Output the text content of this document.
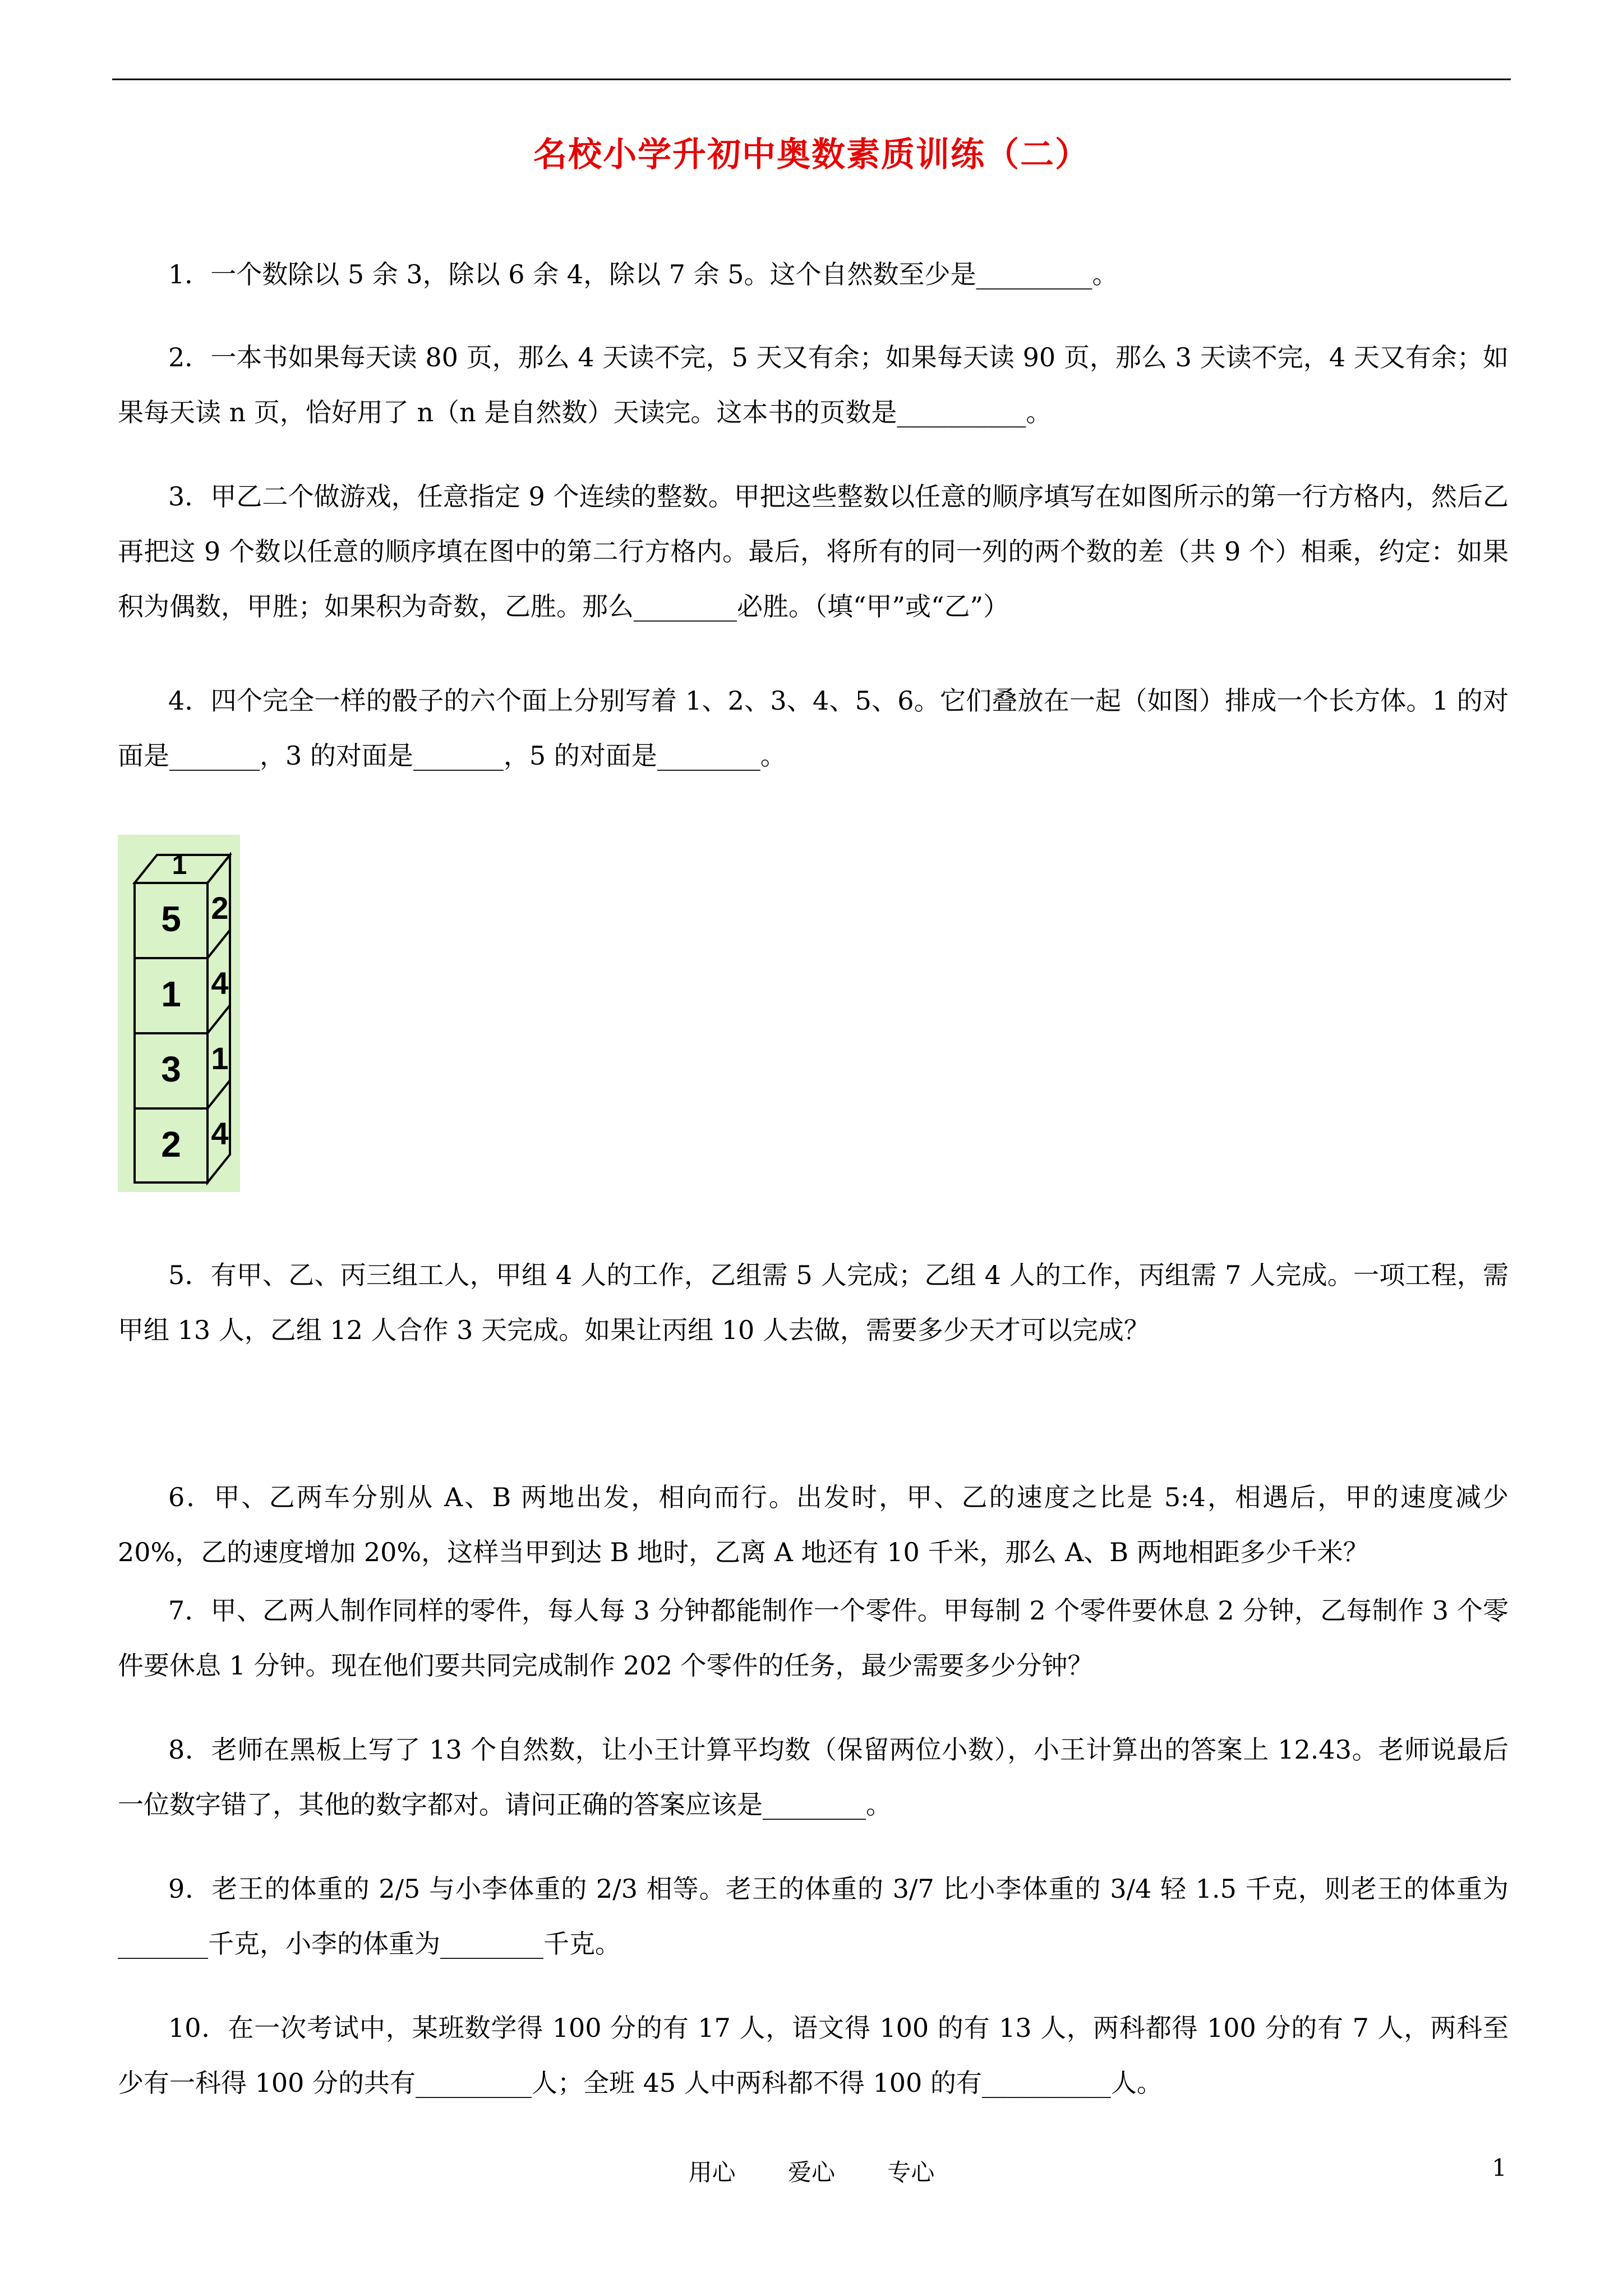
名校小学升初中奥数素质训练（二）

1．一个数除以 5 余 3，除以 6 余 4，除以 7 余 5。这个自然数至少是_________。

2．一本书如果每天读 80 页，那么 4 天读不完，5 天又有余；如果每天读 90 页，那么 3 天读不完，4 天又有余；如果每天读 n 页，恰好用了 n（n 是自然数）天读完。这本书的页数是__________。

3．甲乙二个做游戏，任意指定 9 个连续的整数。甲把这些整数以任意的顺序填写在如图所示的第一行方格内，然后乙再把这 9 个数以任意的顺序填在图中的第二行方格内。最后，将所有的同一列的两个数的差（共 9 个）相乘，约定：如果积为偶数，甲胜；如果积为奇数，乙胜。那么________必胜。（填“甲”或“乙”）

4．四个完全一样的骰子的六个面上分别写着 1、2、3、4、5、6。它们叠放在一起（如图）排成一个长方体。1 的对面是_______，3 的对面是_______，5 的对面是________。

1
5
1
3
2
2
4
1
4

5．有甲、乙、丙三组工人，甲组 4 人的工作，乙组需 5 人完成；乙组 4 人的工作，丙组需 7 人完成。一项工程，需甲组 13 人，乙组 12 人合作 3 天完成。如果让丙组 10 人去做，需要多少天才可以完成？

6．甲、乙两车分别从 A、B 两地出发，相向而行。出发时，甲、乙的速度之比是 5:4，相遇后，甲的速度减少 20%，乙的速度增加 20%，这样当甲到达 B 地时，乙离 A 地还有 10 千米，那么 A、B 两地相距多少千米？

7．甲、乙两人制作同样的零件，每人每 3 分钟都能制作一个零件。甲每制 2 个零件要休息 2 分钟，乙每制作 3 个零件要休息 1 分钟。现在他们要共同完成制作 202 个零件的任务，最少需要多少分钟？

8．老师在黑板上写了 13 个自然数，让小王计算平均数（保留两位小数），小王计算出的答案上 12.43。老师说最后一位数字错了，其他的数字都对。请问正确的答案应该是________。

9．老王的体重的 2/5 与小李体重的 2/3 相等。老王的体重的 3/7 比小李体重的 3/4 轻 1.5 千克，则老王的体重为_______千克，小李的体重为________千克。

10．在一次考试中，某班数学得 100 分的有 17 人，语文得 100 的有 13 人，两科都得 100 分的有 7 人，两科至少有一科得 100 分的共有_________人；全班 45 人中两科都不得 100 的有__________人。

用心 爱心 专心	1
